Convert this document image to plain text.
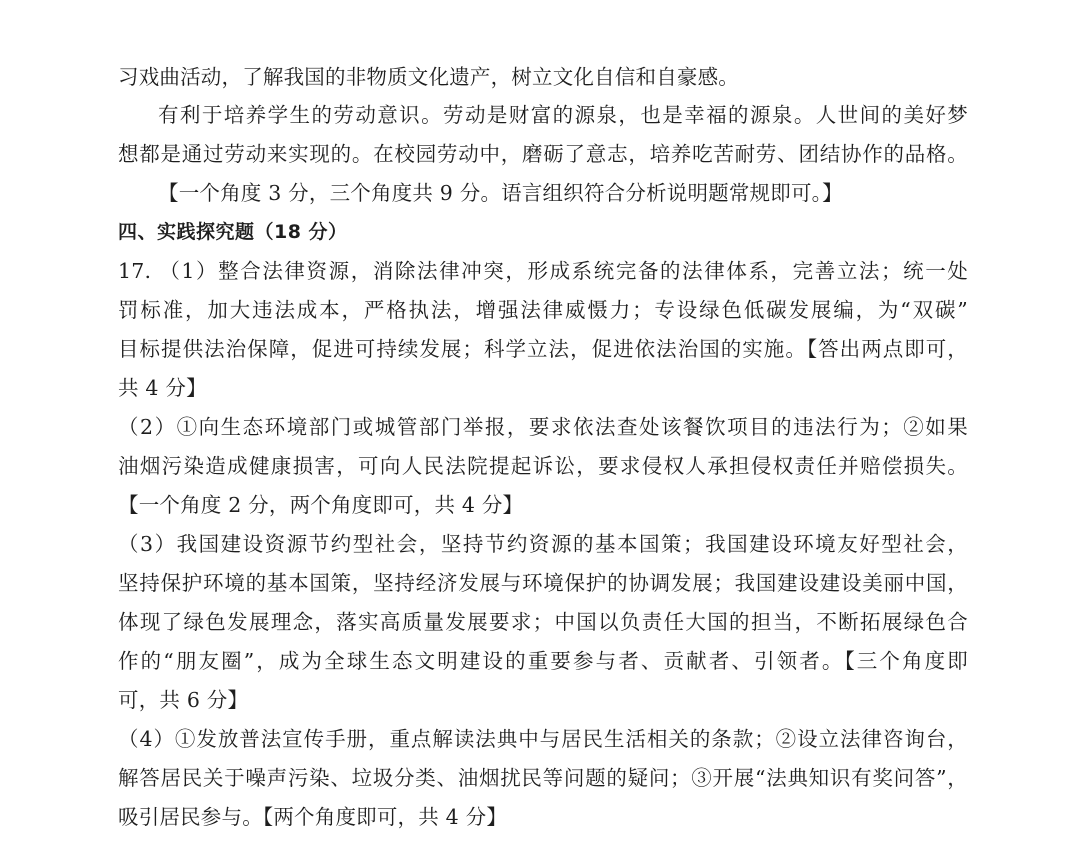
习戏曲活动，了解我国的非物质文化遗产，树立文化自信和自豪感。
有利于培养学生的劳动意识。劳动是财富的源泉，也是幸福的源泉。人世间的美好梦
想都是通过劳动来实现的。在校园劳动中，磨砺了意志，培养吃苦耐劳、团结协作的品格。
【一个角度 3 分，三个角度共 9 分。语言组织符合分析说明题常规即可。】
四、实践探究题（18 分）
17. （1）整合法律资源，消除法律冲突，形成系统完备的法律体系，完善立法；统一处
罚标准，加大违法成本，严格执法，增强法律威慑力；专设绿色低碳发展编，为“双碳”
目标提供法治保障，促进可持续发展；科学立法，促进依法治国的实施。【答出两点即可，
共 4 分】
（2）①向生态环境部门或城管部门举报，要求依法查处该餐饮项目的违法行为；②如果
油烟污染造成健康损害，可向人民法院提起诉讼，要求侵权人承担侵权责任并赔偿损失。
【一个角度 2 分，两个角度即可，共 4 分】
（3）我国建设资源节约型社会，坚持节约资源的基本国策；我国建设环境友好型社会，
坚持保护环境的基本国策，坚持经济发展与环境保护的协调发展；我国建设建设美丽中国，
体现了绿色发展理念，落实高质量发展要求；中国以负责任大国的担当，不断拓展绿色合
作的“朋友圈”，成为全球生态文明建设的重要参与者、贡献者、引领者。【三个角度即
可，共 6 分】
（4）①发放普法宣传手册，重点解读法典中与居民生活相关的条款；②设立法律咨询台，
解答居民关于噪声污染、垃圾分类、油烟扰民等问题的疑问；③开展“法典知识有奖问答”，
吸引居民参与。【两个角度即可，共 4 分】
